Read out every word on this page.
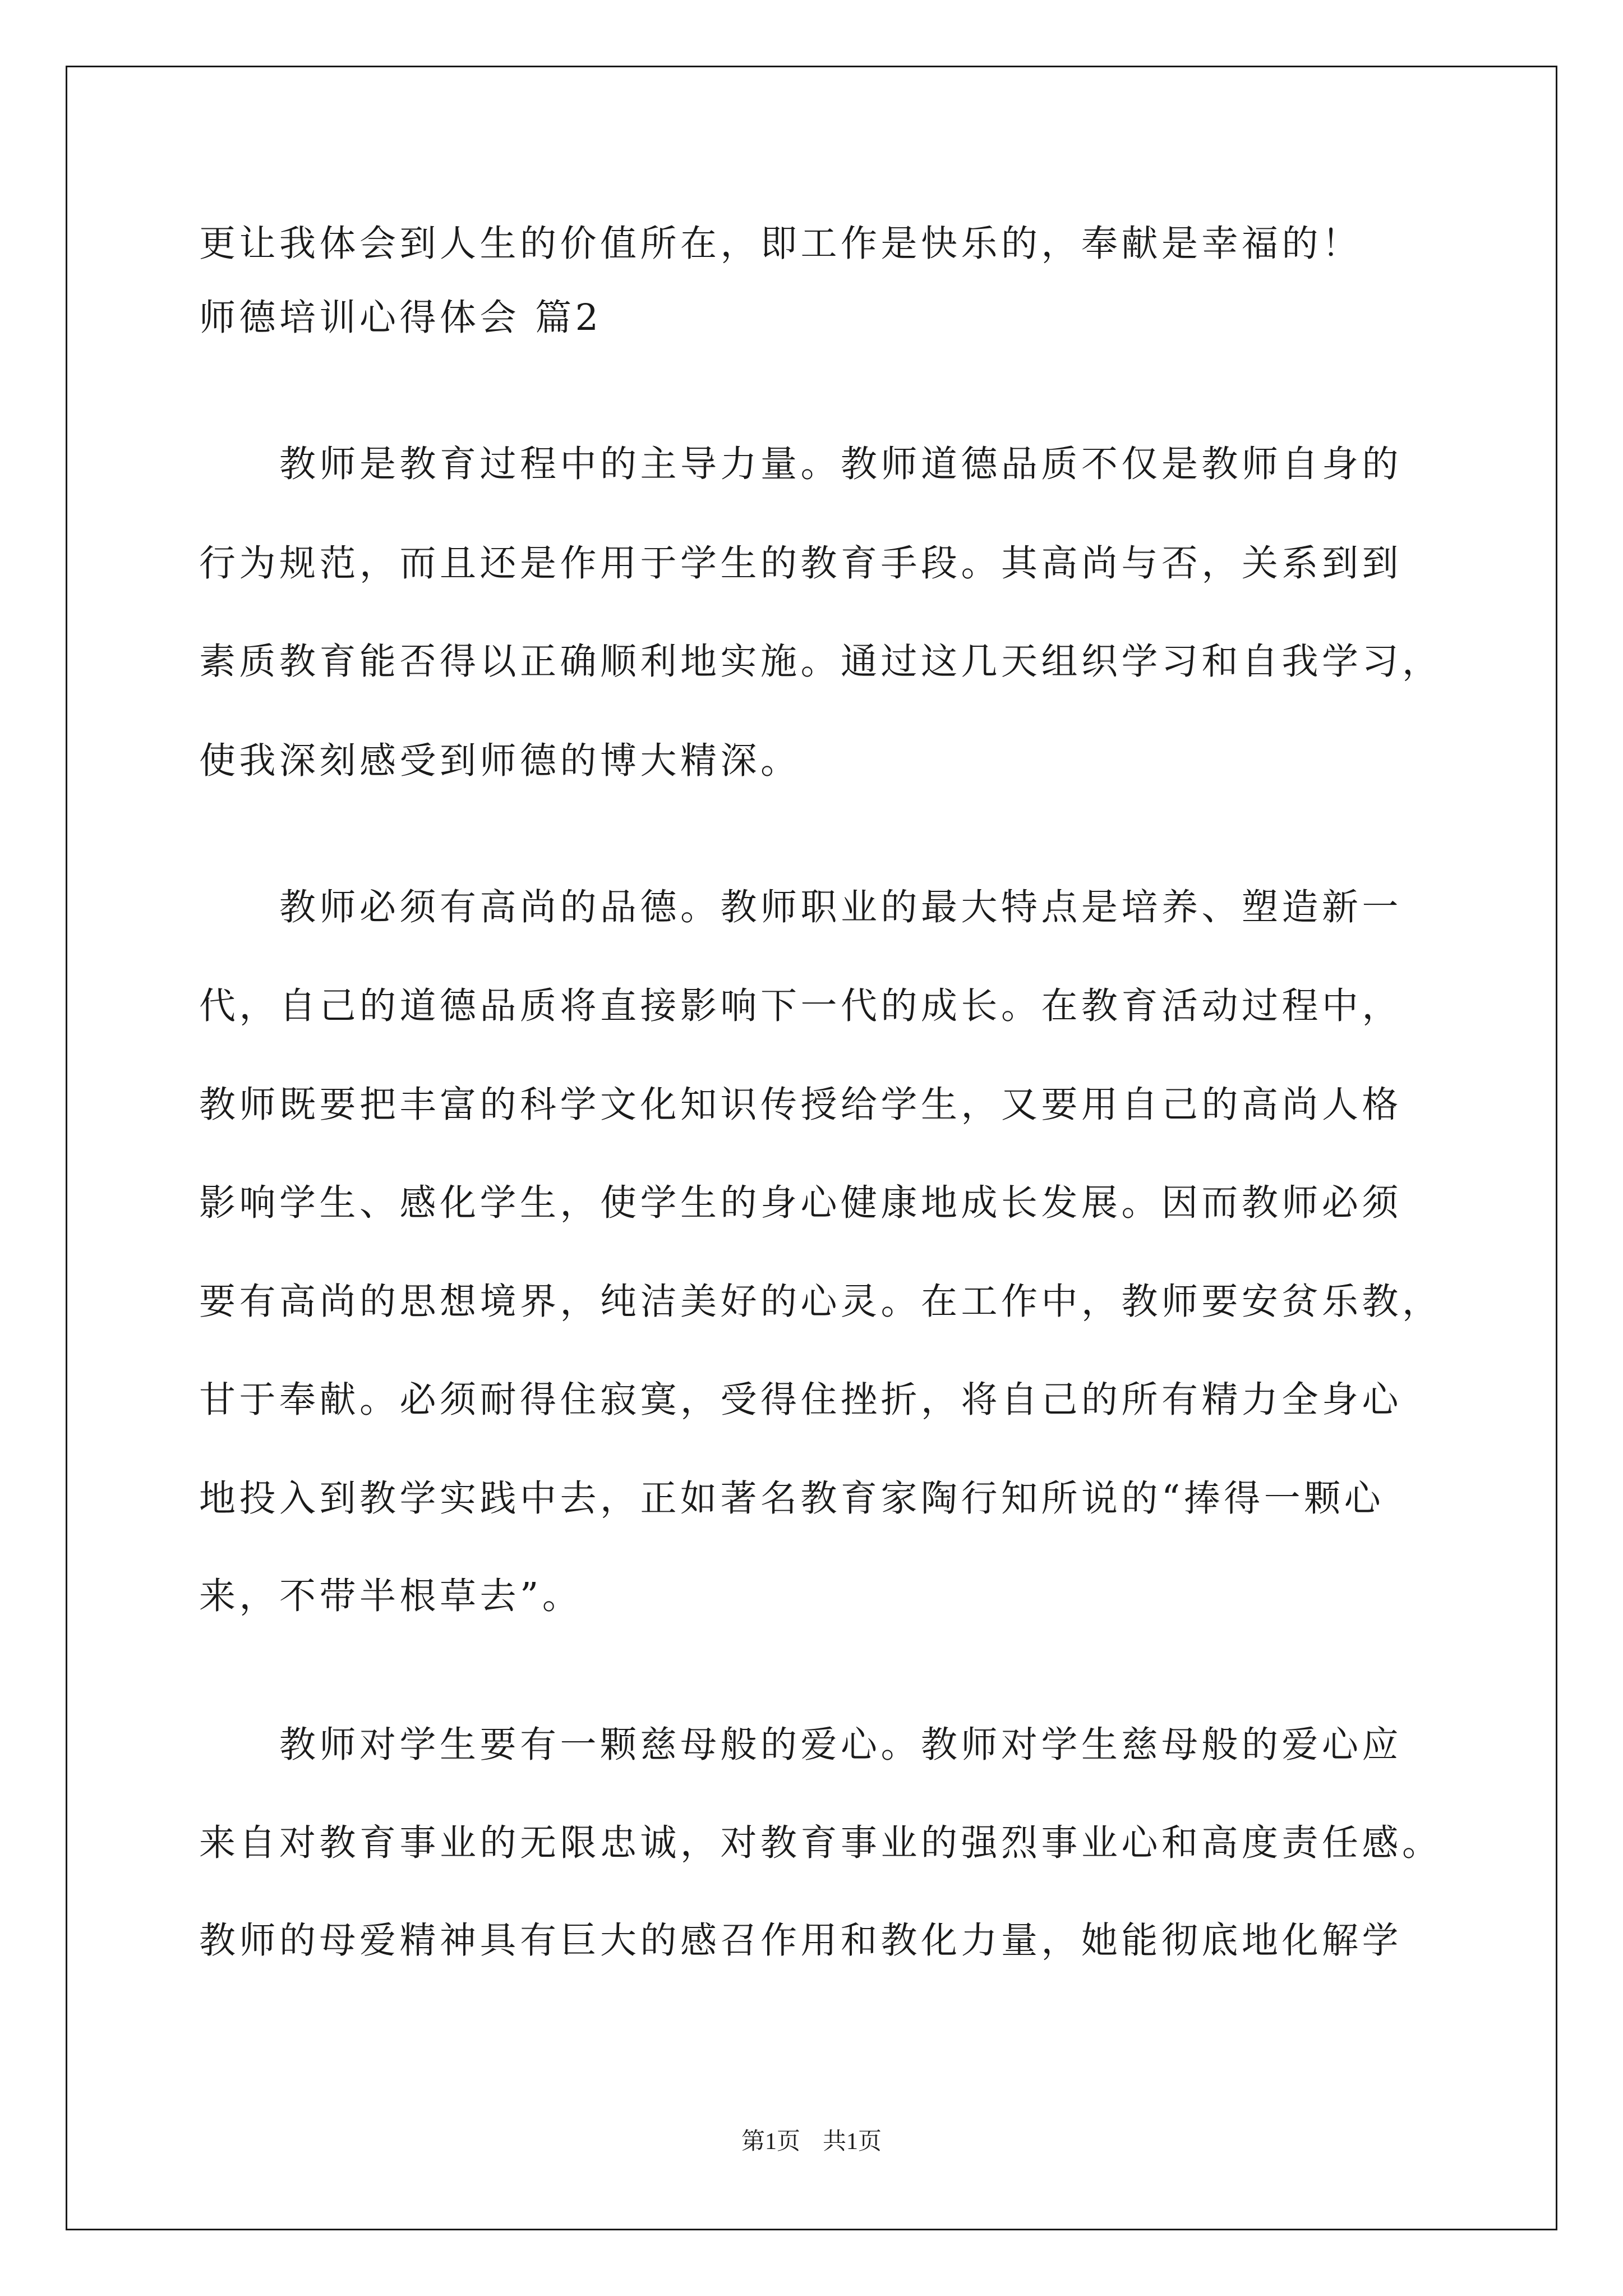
更让我体会到人生的价值所在，即工作是快乐的，奉献是幸福的！

师德培训心得体会 篇2

　　教师是教育过程中的主导力量。教师道德品质不仅是教师自身的

行为规范，而且还是作用于学生的教育手段。其高尚与否，关系到到

素质教育能否得以正确顺利地实施。通过这几天组织学习和自我学习，

使我深刻感受到师德的博大精深。

　　教师必须有高尚的品德。教师职业的最大特点是培养、塑造新一

代，自己的道德品质将直接影响下一代的成长。在教育活动过程中，

教师既要把丰富的科学文化知识传授给学生，又要用自己的高尚人格

影响学生、感化学生，使学生的身心健康地成长发展。因而教师必须

要有高尚的思想境界，纯洁美好的心灵。在工作中，教师要安贫乐教，

甘于奉献。必须耐得住寂寞，受得住挫折，将自己的所有精力全身心

地投入到教学实践中去，正如著名教育家陶行知所说的“捧得一颗心

来，不带半根草去”。

　　教师对学生要有一颗慈母般的爱心。教师对学生慈母般的爱心应

来自对教育事业的无限忠诚，对教育事业的强烈事业心和高度责任感。

教师的母爱精神具有巨大的感召作用和教化力量，她能彻底地化解学

第1页 共1页
